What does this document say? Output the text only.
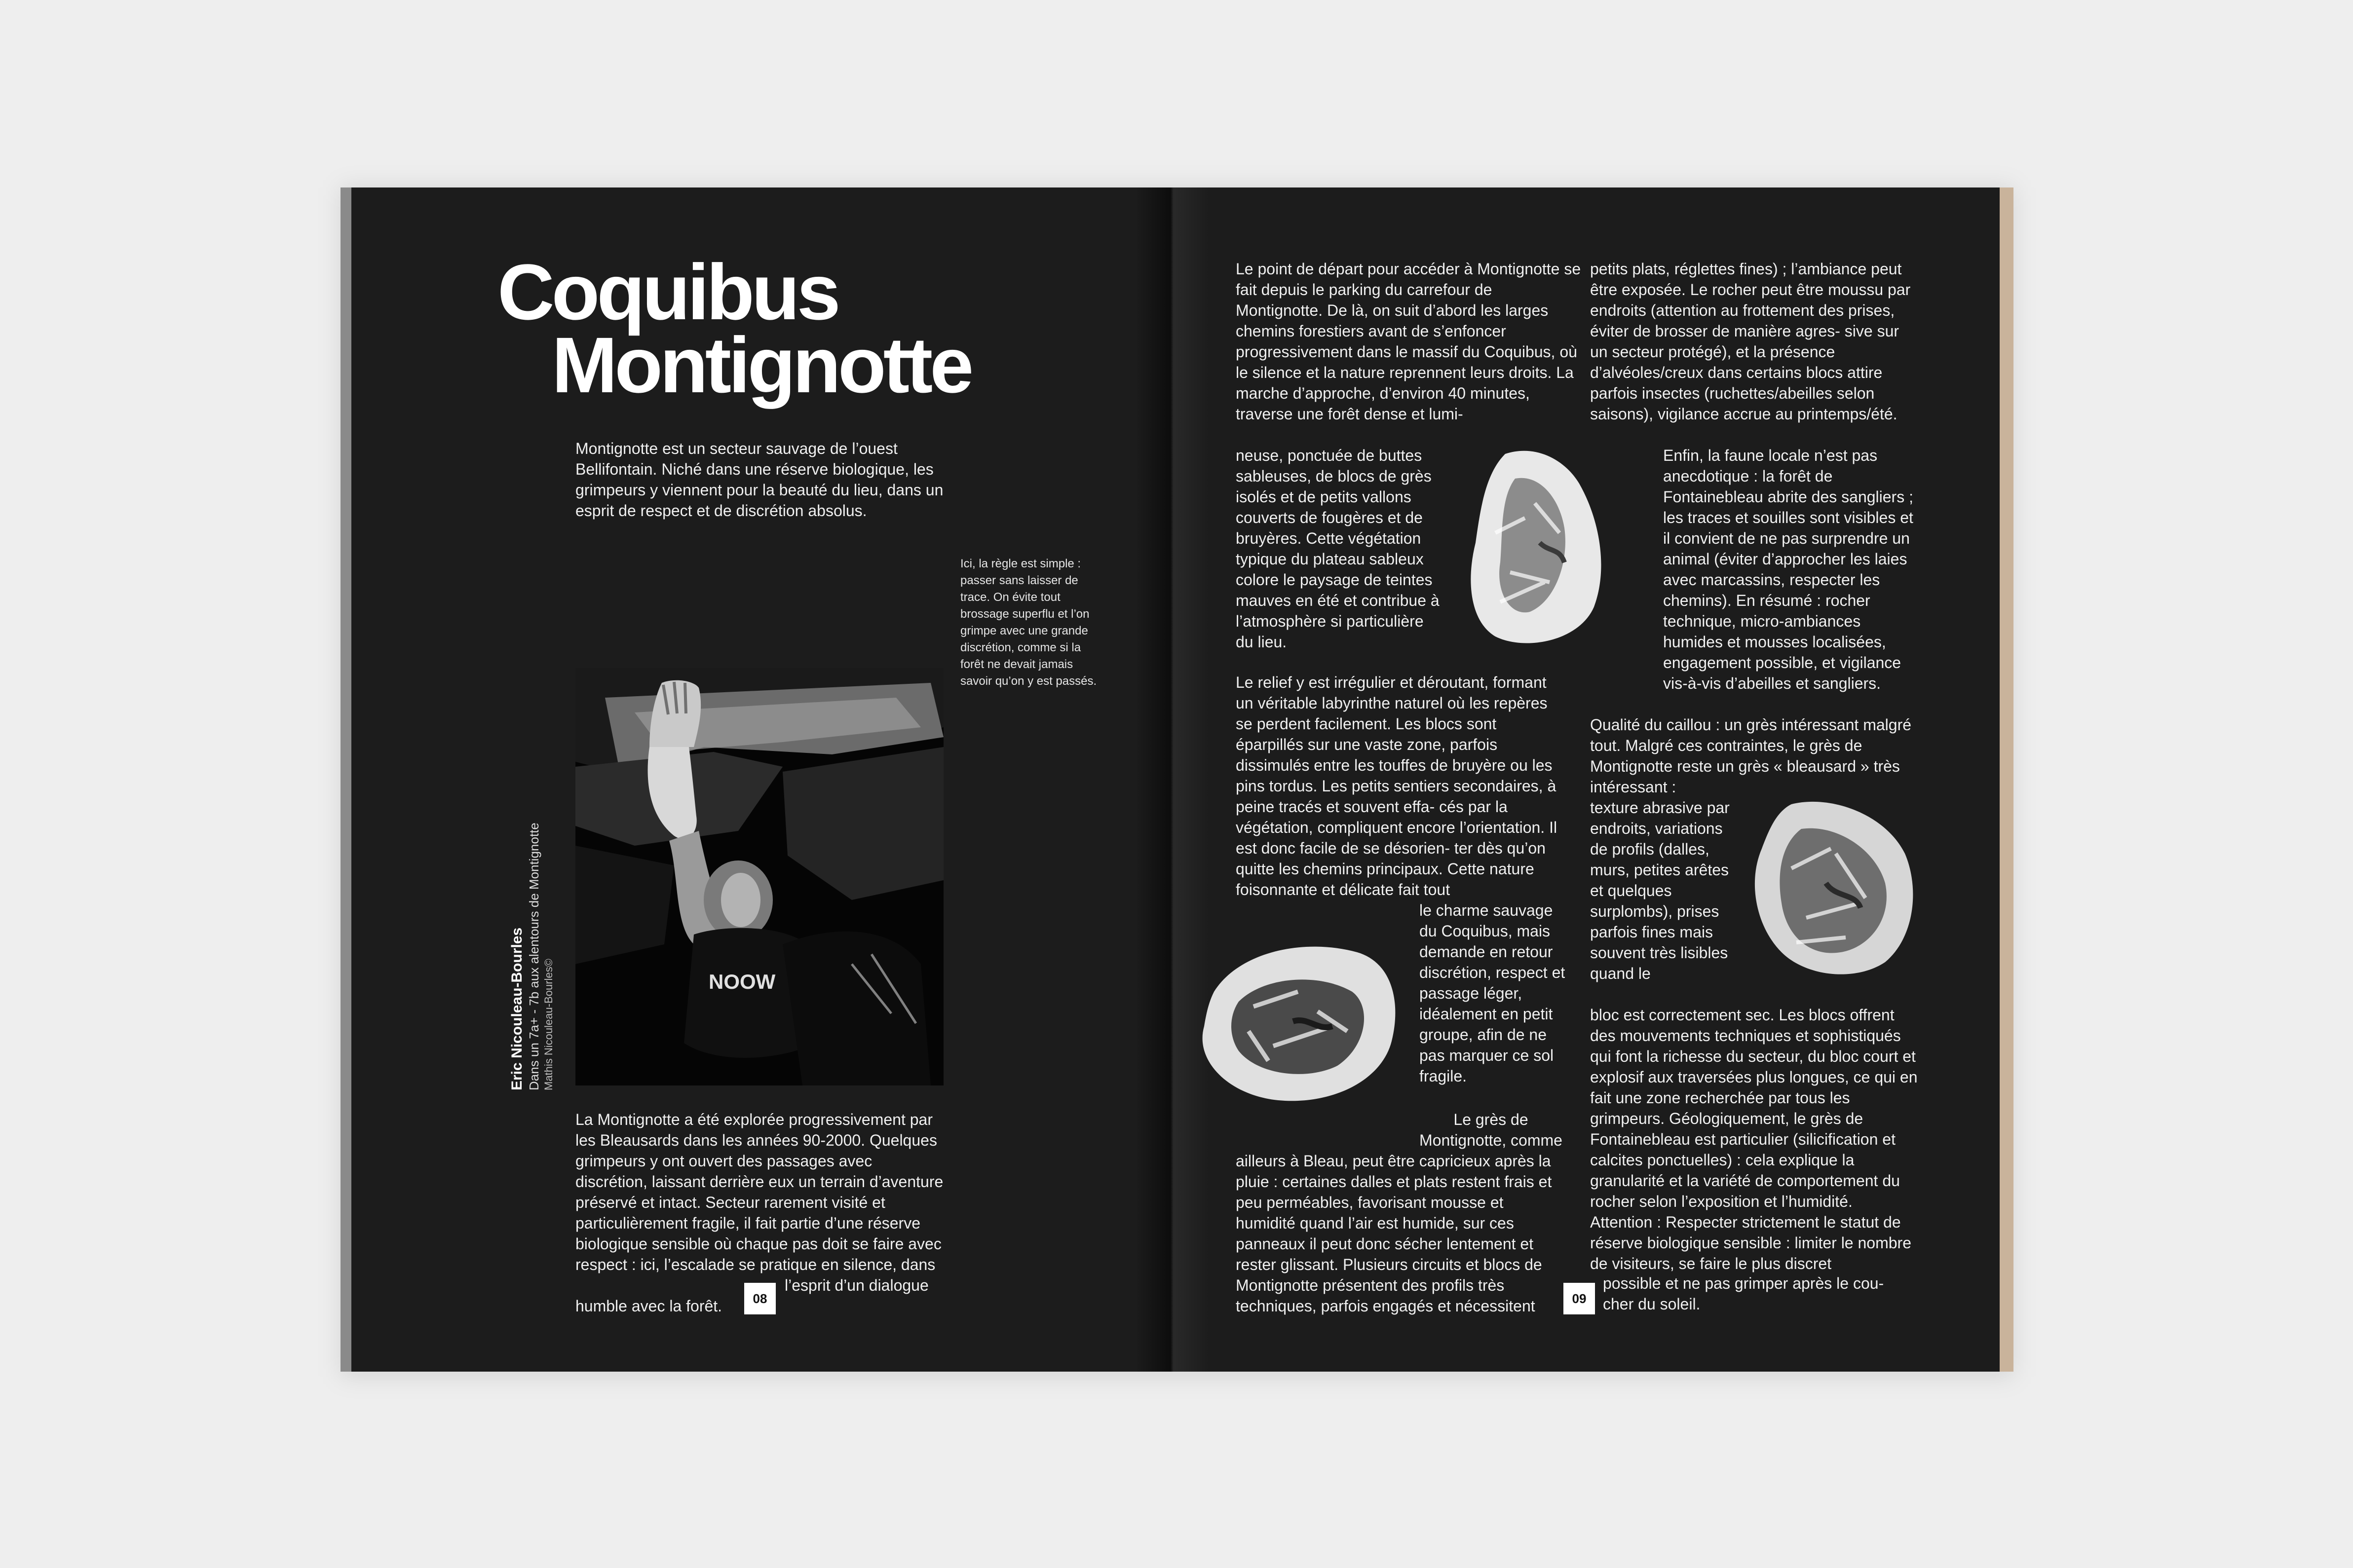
Coquibus
Montignotte

Montignotte est un secteur sauvage de l’ouest Bellifontain. Niché dans une réserve biologique, les grimpeurs y viennent pour la beauté du lieu, dans un esprit de respect et de discrétion absolus.

Ici, la règle est simple : passer sans laisser de trace. On évite tout brossage superflu et l’on grimpe avec une grande discrétion, comme si la forêt ne devait jamais savoir qu’on y est passés.

NOOW
Eric Nicouleau-Bourles Dans un 7a+ - 7b aux alentours de Montignotte Mathis Nicouleau-Bourles©

La Montignotte a été explorée progressivement par les Bleausards dans les années 90-2000. Quelques grimpeurs y ont ouvert des passages avec discrétion, laissant derrière eux un terrain d’aventure préservé et intact. Secteur rarement visité et particulièrement fragile, il fait partie d’une réserve biologique sensible où chaque pas doit se faire avec respect : ici, l’escalade se pratique en silence, dans

l’esprit d’un dialogue

humble avec la forêt.	08

Le point de départ pour accéder à Montignotte se fait depuis le parking du carrefour de Montignotte. De là, on suit d’abord les larges chemins forestiers avant de s’enfoncer progressivement dans le massif du Coquibus, où le silence et la nature reprennent leurs droits. La marche d’approche, d’environ 40 minutes, traverse une forêt dense et lumi-

neuse, ponctuée de buttes sableuses, de blocs de grès isolés et de petits vallons couverts de fougères et de bruyères. Cette végétation typique du plateau sableux colore le paysage de teintes mauves en été et contribue à l’atmosphère si particulière du lieu.

Le relief y est irrégulier et déroutant, formant un véritable labyrinthe naturel où les repères se perdent facilement. Les blocs sont éparpillés sur une vaste zone, parfois dissimulés entre les touffes de bruyère ou les pins tordus. Les petits sentiers secondaires, à peine tracés et souvent effa- cés par la végétation, compliquent encore l’orientation. Il est donc facile de se désorien- ter dès qu’on quitte les chemins principaux. Cette nature foisonnante et délicate fait tout

le charme sauvage du Coquibus, mais demande en retour discrétion, respect et passage léger, idéalement en petit groupe, afin de ne pas marquer ce sol fragile.

Le grès de Montignotte, comme

ailleurs à Bleau, peut être capricieux après la pluie : certaines dalles et plats restent frais et peu perméables, favorisant mousse et humidité quand l’air est humide, sur ces panneaux il peut donc sécher lentement et rester glissant. Plusieurs circuits et blocs de Montignotte présentent des profils très techniques, parfois engagés et nécessitent	09

petits plats, réglettes fines) ; l’ambiance peut être exposée. Le rocher peut être moussu par endroits (attention au frottement des prises, éviter de brosser de manière agres- sive sur un secteur protégé), et la présence d’alvéoles/creux dans certains blocs attire parfois insectes (ruchettes/abeilles selon saisons), vigilance accrue au printemps/été.

Enfin, la faune locale n’est pas anecdotique : la forêt de Fontainebleau abrite des sangliers ; les traces et souilles sont visibles et il convient de ne pas surprendre un animal (éviter d’approcher les laies avec marcassins, respecter les chemins). En résumé : rocher technique, micro-ambiances humides et mousses localisées, engagement possible, et vigilance vis-à-vis d’abeilles et sangliers.

Qualité du caillou : un grès intéressant malgré tout. Malgré ces contraintes, le grès de Montignotte reste un grès « bleausard » très intéressant :

texture abrasive par endroits, variations de profils (dalles, murs, petites arêtes et quelques surplombs), prises parfois fines mais souvent très lisibles quand le

bloc est correctement sec. Les blocs offrent des mouvements techniques et sophistiqués qui font la richesse du secteur, du bloc court et explosif aux traversées plus longues, ce qui en fait une zone recherchée par tous les grimpeurs. Géologiquement, le grès de Fontainebleau est particulier (silicification et calcites ponctuelles) : cela explique la granularité et la variété de comportement du rocher selon l’exposition et l’humidité. Attention : Respecter strictement le statut de réserve biologique sensible : limiter le nombre de visiteurs, se faire le plus discret

possible et ne pas grimper après le cou- cher du soleil.
